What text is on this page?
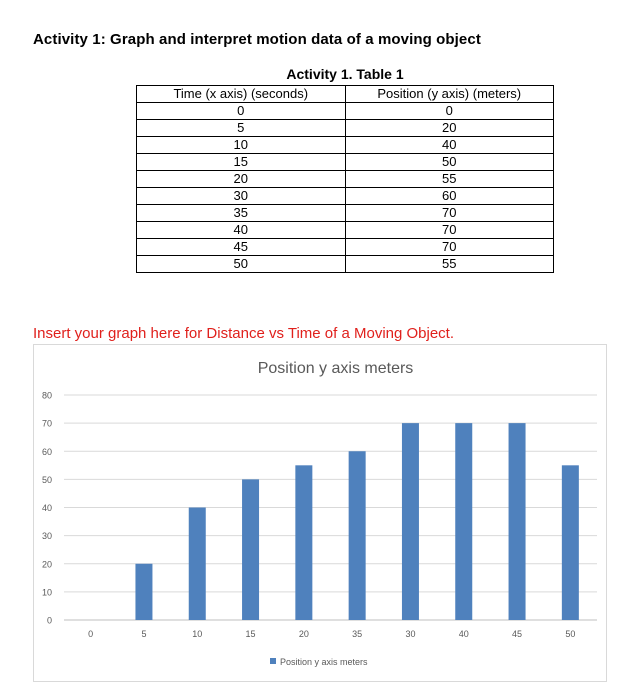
Activity 1: Graph and interpret motion data of a moving object
Activity 1. Table 1
Time (x axis) (seconds)	Position (y axis) (meters)
0	0
5	20
10	40
15	50
20	55
30	60
35	70
40	70
45	70
50	55
Insert your graph here for Distance vs Time of a Moving Object.
Position y axis meters
0
10
20
30
40
50
60
70
80
0	5	10	15	20	35	30	40	45	50
Position y axis meters
